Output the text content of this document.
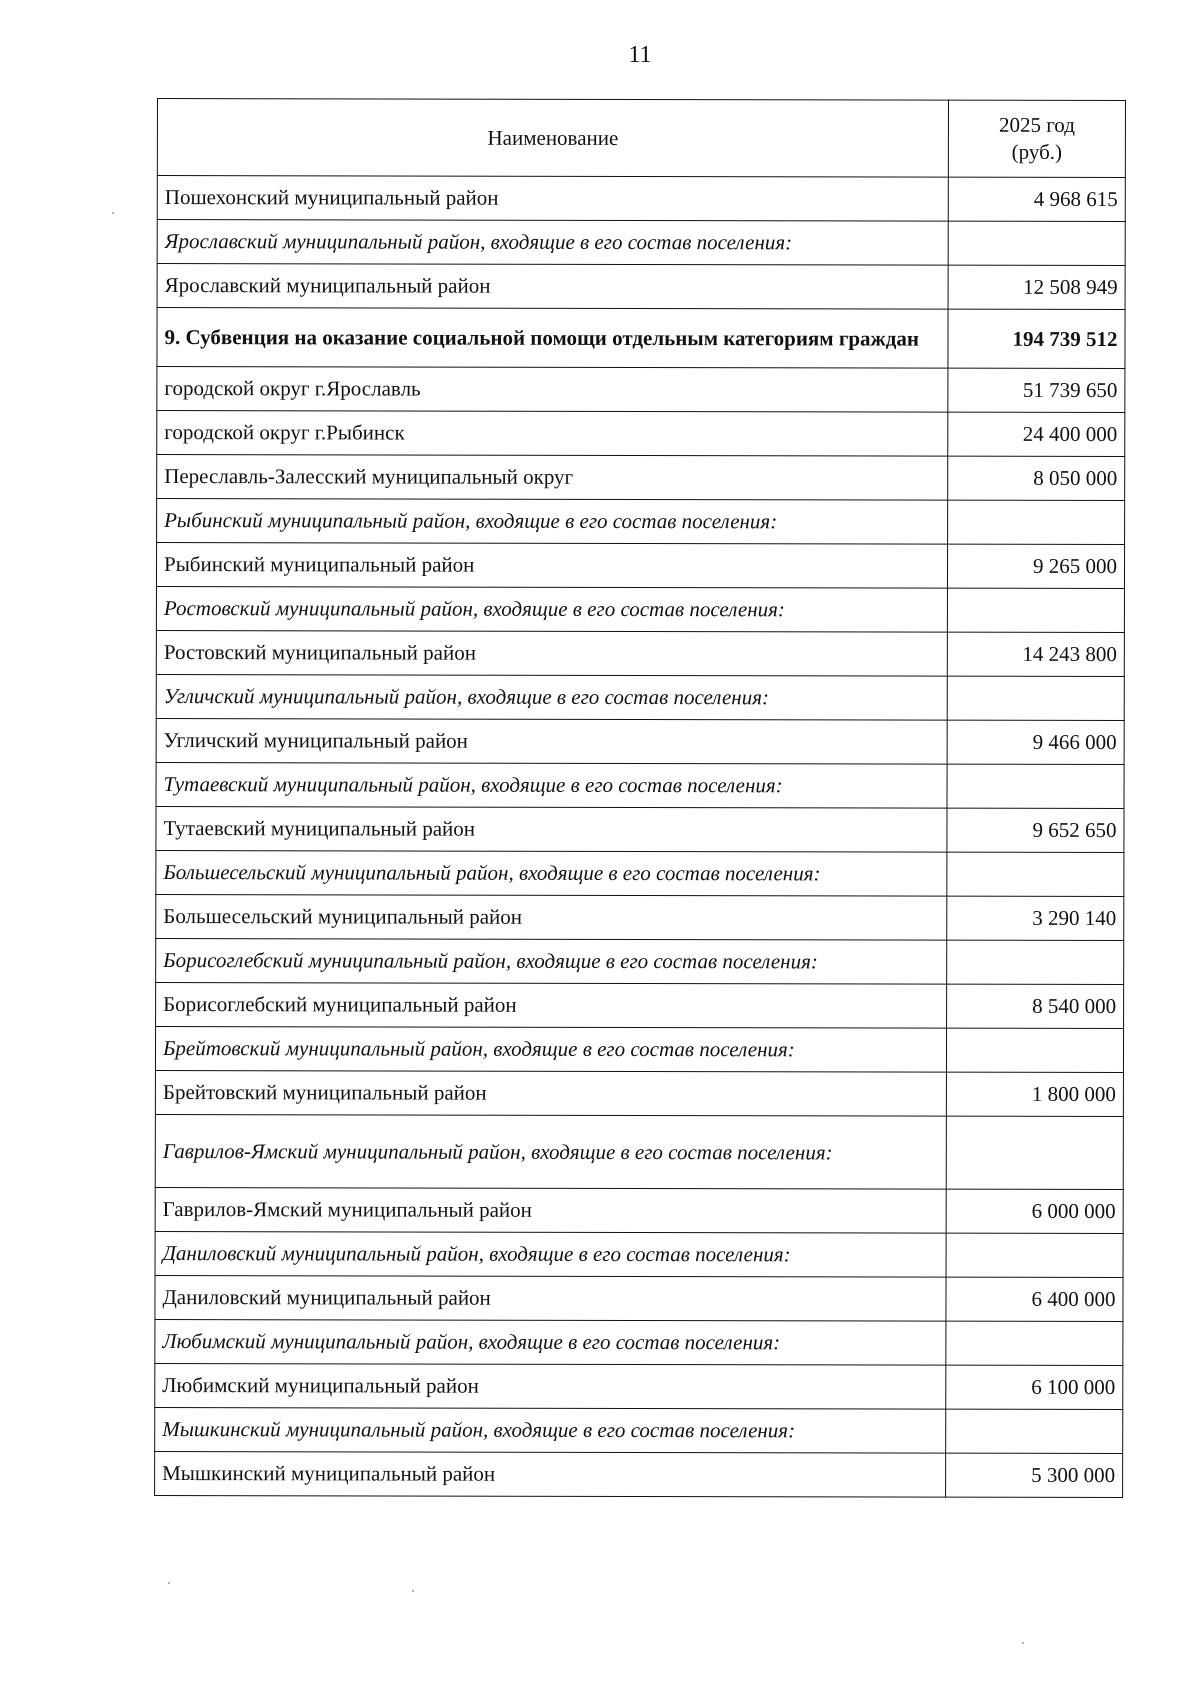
11
Наименование	2025 год
(руб.)
Пошехонский муниципальный район	4 968 615
Ярославский муниципальный район, входящие в его состав поселения:	
Ярославский муниципальный район	12 508 949
9. Субвенция на оказание социальной помощи отдельным категориям граждан	194 739 512
городской округ г.Ярославль	51 739 650
городской округ г.Рыбинск	24 400 000
Переславль-Залесский муниципальный округ	8 050 000
Рыбинский муниципальный район, входящие в его состав поселения:	
Рыбинский муниципальный район	9 265 000
Ростовский муниципальный район, входящие в его состав поселения:	
Ростовский муниципальный район	14 243 800
Угличский муниципальный район, входящие в его состав поселения:	
Угличский муниципальный район	9 466 000
Тутаевский муниципальный район, входящие в его состав поселения:	
Тутаевский муниципальный район	9 652 650
Большесельский муниципальный район, входящие в его состав поселения:	
Большесельский муниципальный район	3 290 140
Борисоглебский муниципальный район, входящие в его состав поселения:	
Борисоглебский муниципальный район	8 540 000
Брейтовский муниципальный район, входящие в его состав поселения:	
Брейтовский муниципальный район	1 800 000
Гаврилов-Ямский муниципальный район, входящие в его состав поселения:	
Гаврилов-Ямский муниципальный район	6 000 000
Даниловский муниципальный район, входящие в его состав поселения:	
Даниловский муниципальный район	6 400 000
Любимский муниципальный район, входящие в его состав поселения:	
Любимский муниципальный район	6 100 000
Мышкинский муниципальный район, входящие в его состав поселения:	
Мышкинский муниципальный район	5 300 000
